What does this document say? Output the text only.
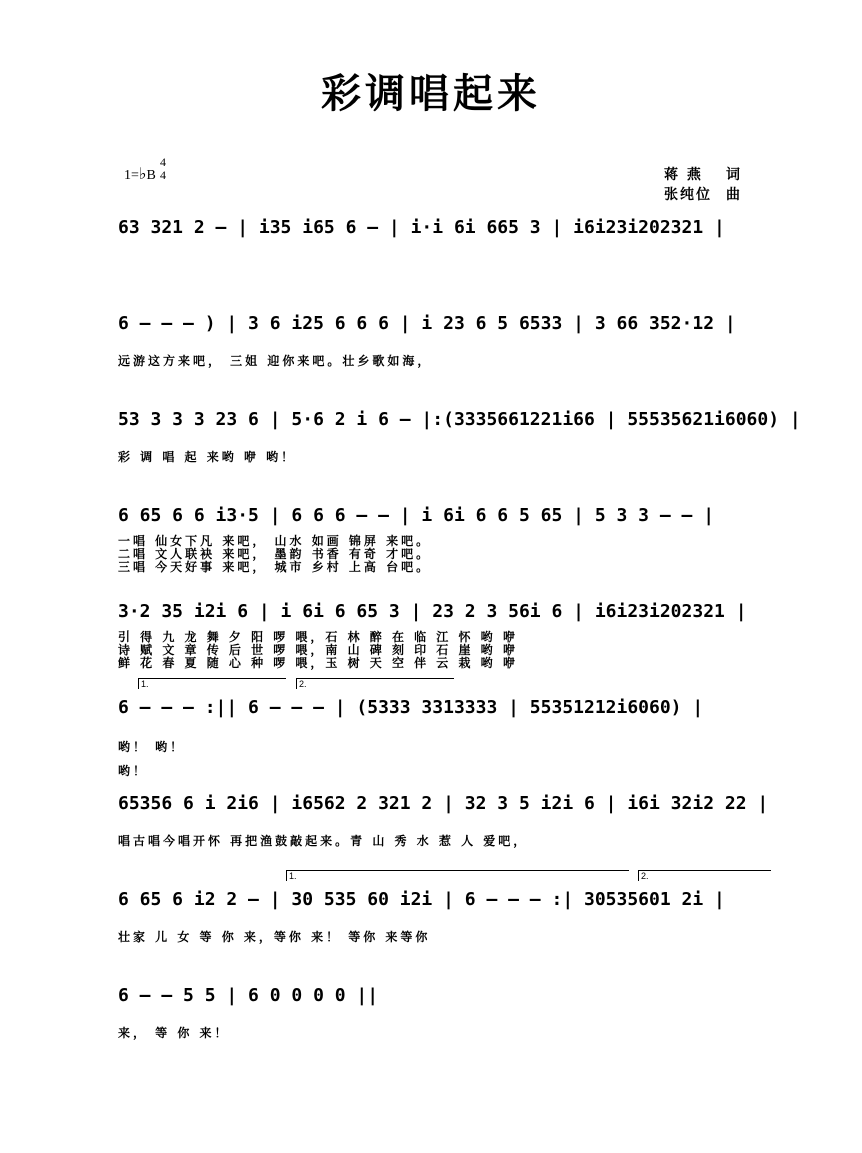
彩调唱起来
1=♭B
4
4	蒋 燕 词
张纯位 曲
63 321 2 – | i35 i65 6 – | i·i 6i 665 3 | i6i23i202321 |
6 – – – ) | 3 6 i25 6 6 6 | i 23 6 5 6533 | 3 66 352·12 |
远游这方来吧， 三姐 迎你来吧。壮乡歌如海，
53 3 3 3 23 6 | 5·6 2 i 6 – |:(3335661221i66 | 55535621i6060) |
彩 调 唱 起 来哟 咿 哟！
6 65 6 6 i3·5 | 6 6 6 – – | i 6i 6 6 5 65 | 5 3 3 – – |
一唱 仙女下凡 来吧， 山水 如画 锦屏 来吧。
二唱 文人联袂 来吧， 墨韵 书香 有奇 才吧。
三唱 今天好事 来吧， 城市 乡村 上高 台吧。
3·2 35 i2i 6 | i 6i 6 65 3 | 23 2 3 56i 6 | i6i23i202321 |
引 得 九 龙 舞 夕 阳 啰 喂，石 林 醉 在 临 江 怀 哟 咿
诗 赋 文 章 传 后 世 啰 喂，南 山 碑 刻 印 石 崖 哟 咿
鲜 花 春 夏 随 心 种 啰 喂，玉 树 天 空 伴 云 栽 哟 咿
1.	2.
6 – – – :|| 6 – – – | (5333 3313333 | 55351212i6060) |
哟！ 哟！
哟！
65356 6 i 2i6 | i6562 2 321 2 | 32 3 5 i2i 6 | i6i 32i2 22 |
唱古唱今唱开怀 再把渔鼓敲起来。青 山 秀 水 惹 人 爱吧，
1.	2.
6 65 6 i2 2 – | 30 535 60 i2i | 6 – – – :| 30535601 2i |
壮家 儿 女 等 你 来，等你 来！ 等你 来等你
6 – – 5 5 | 6 0 0 0 0 ||
来， 等 你 来！
